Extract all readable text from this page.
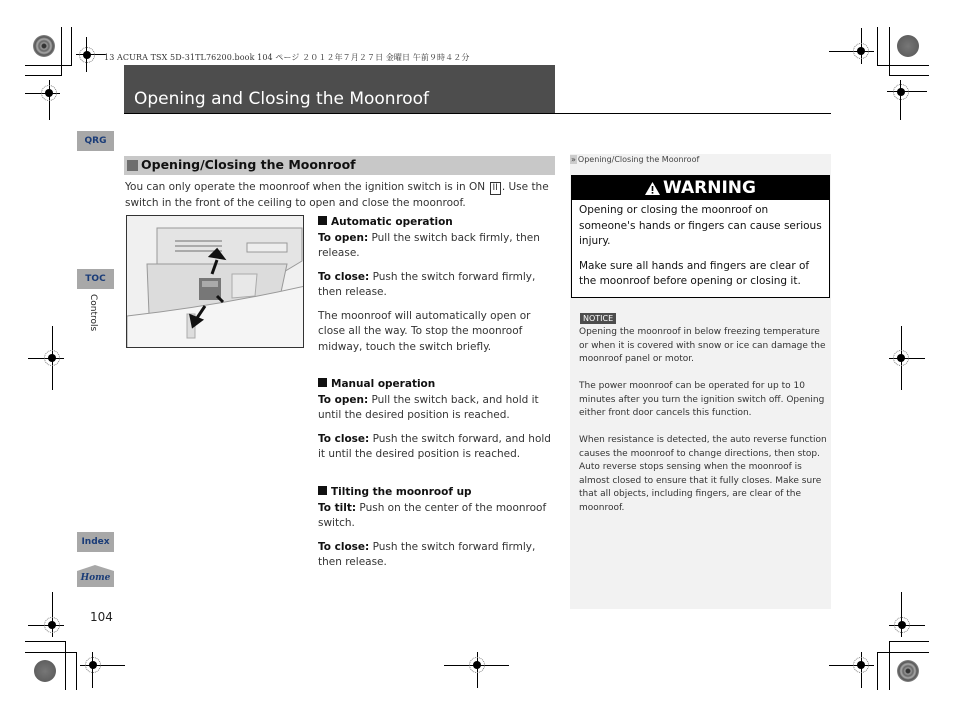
13 ACURA TSX 5D-31TL76200.book 104 ページ ２０１２年７月２７日 金曜日 午前９時４２分
Opening and Closing the Moonroof
QRG
TOC
Controls
Index
Home
104
Opening/Closing the Moonroof
You can only operate the moonroof when the ignition switch is in ON II . Use the switch in the front of the ceiling to open and close the moonroof.
Automatic operation

To open: Pull the switch back firmly, then release.

To close: Push the switch forward firmly, then release.

The moonroof will automatically open or close all the way. To stop the moonroof midway, touch the switch briefly.

Manual operation

To open: Pull the switch back, and hold it until the desired position is reached.

To close: Push the switch forward, and hold it until the desired position is reached.

Tilting the moonroof up

To tilt: Push on the center of the moonroof switch.

To close: Push the switch forward firmly, then release.

» Opening/Closing the Moonroof
WARNING

Opening or closing the moonroof on someone's hands or fingers can cause serious injury.

Make sure all hands and fingers are clear of the moonroof before opening or closing it.

NOTICE
Opening the moonroof in below freezing temperature or when it is covered with snow or ice can damage the moonroof panel or motor.
The power moonroof can be operated for up to 10 minutes after you turn the ignition switch off. Opening either front door cancels this function.
When resistance is detected, the auto reverse function causes the moonroof to change directions, then stop. Auto reverse stops sensing when the moonroof is almost closed to ensure that it fully closes. Make sure that all objects, including fingers, are clear of the moonroof.
